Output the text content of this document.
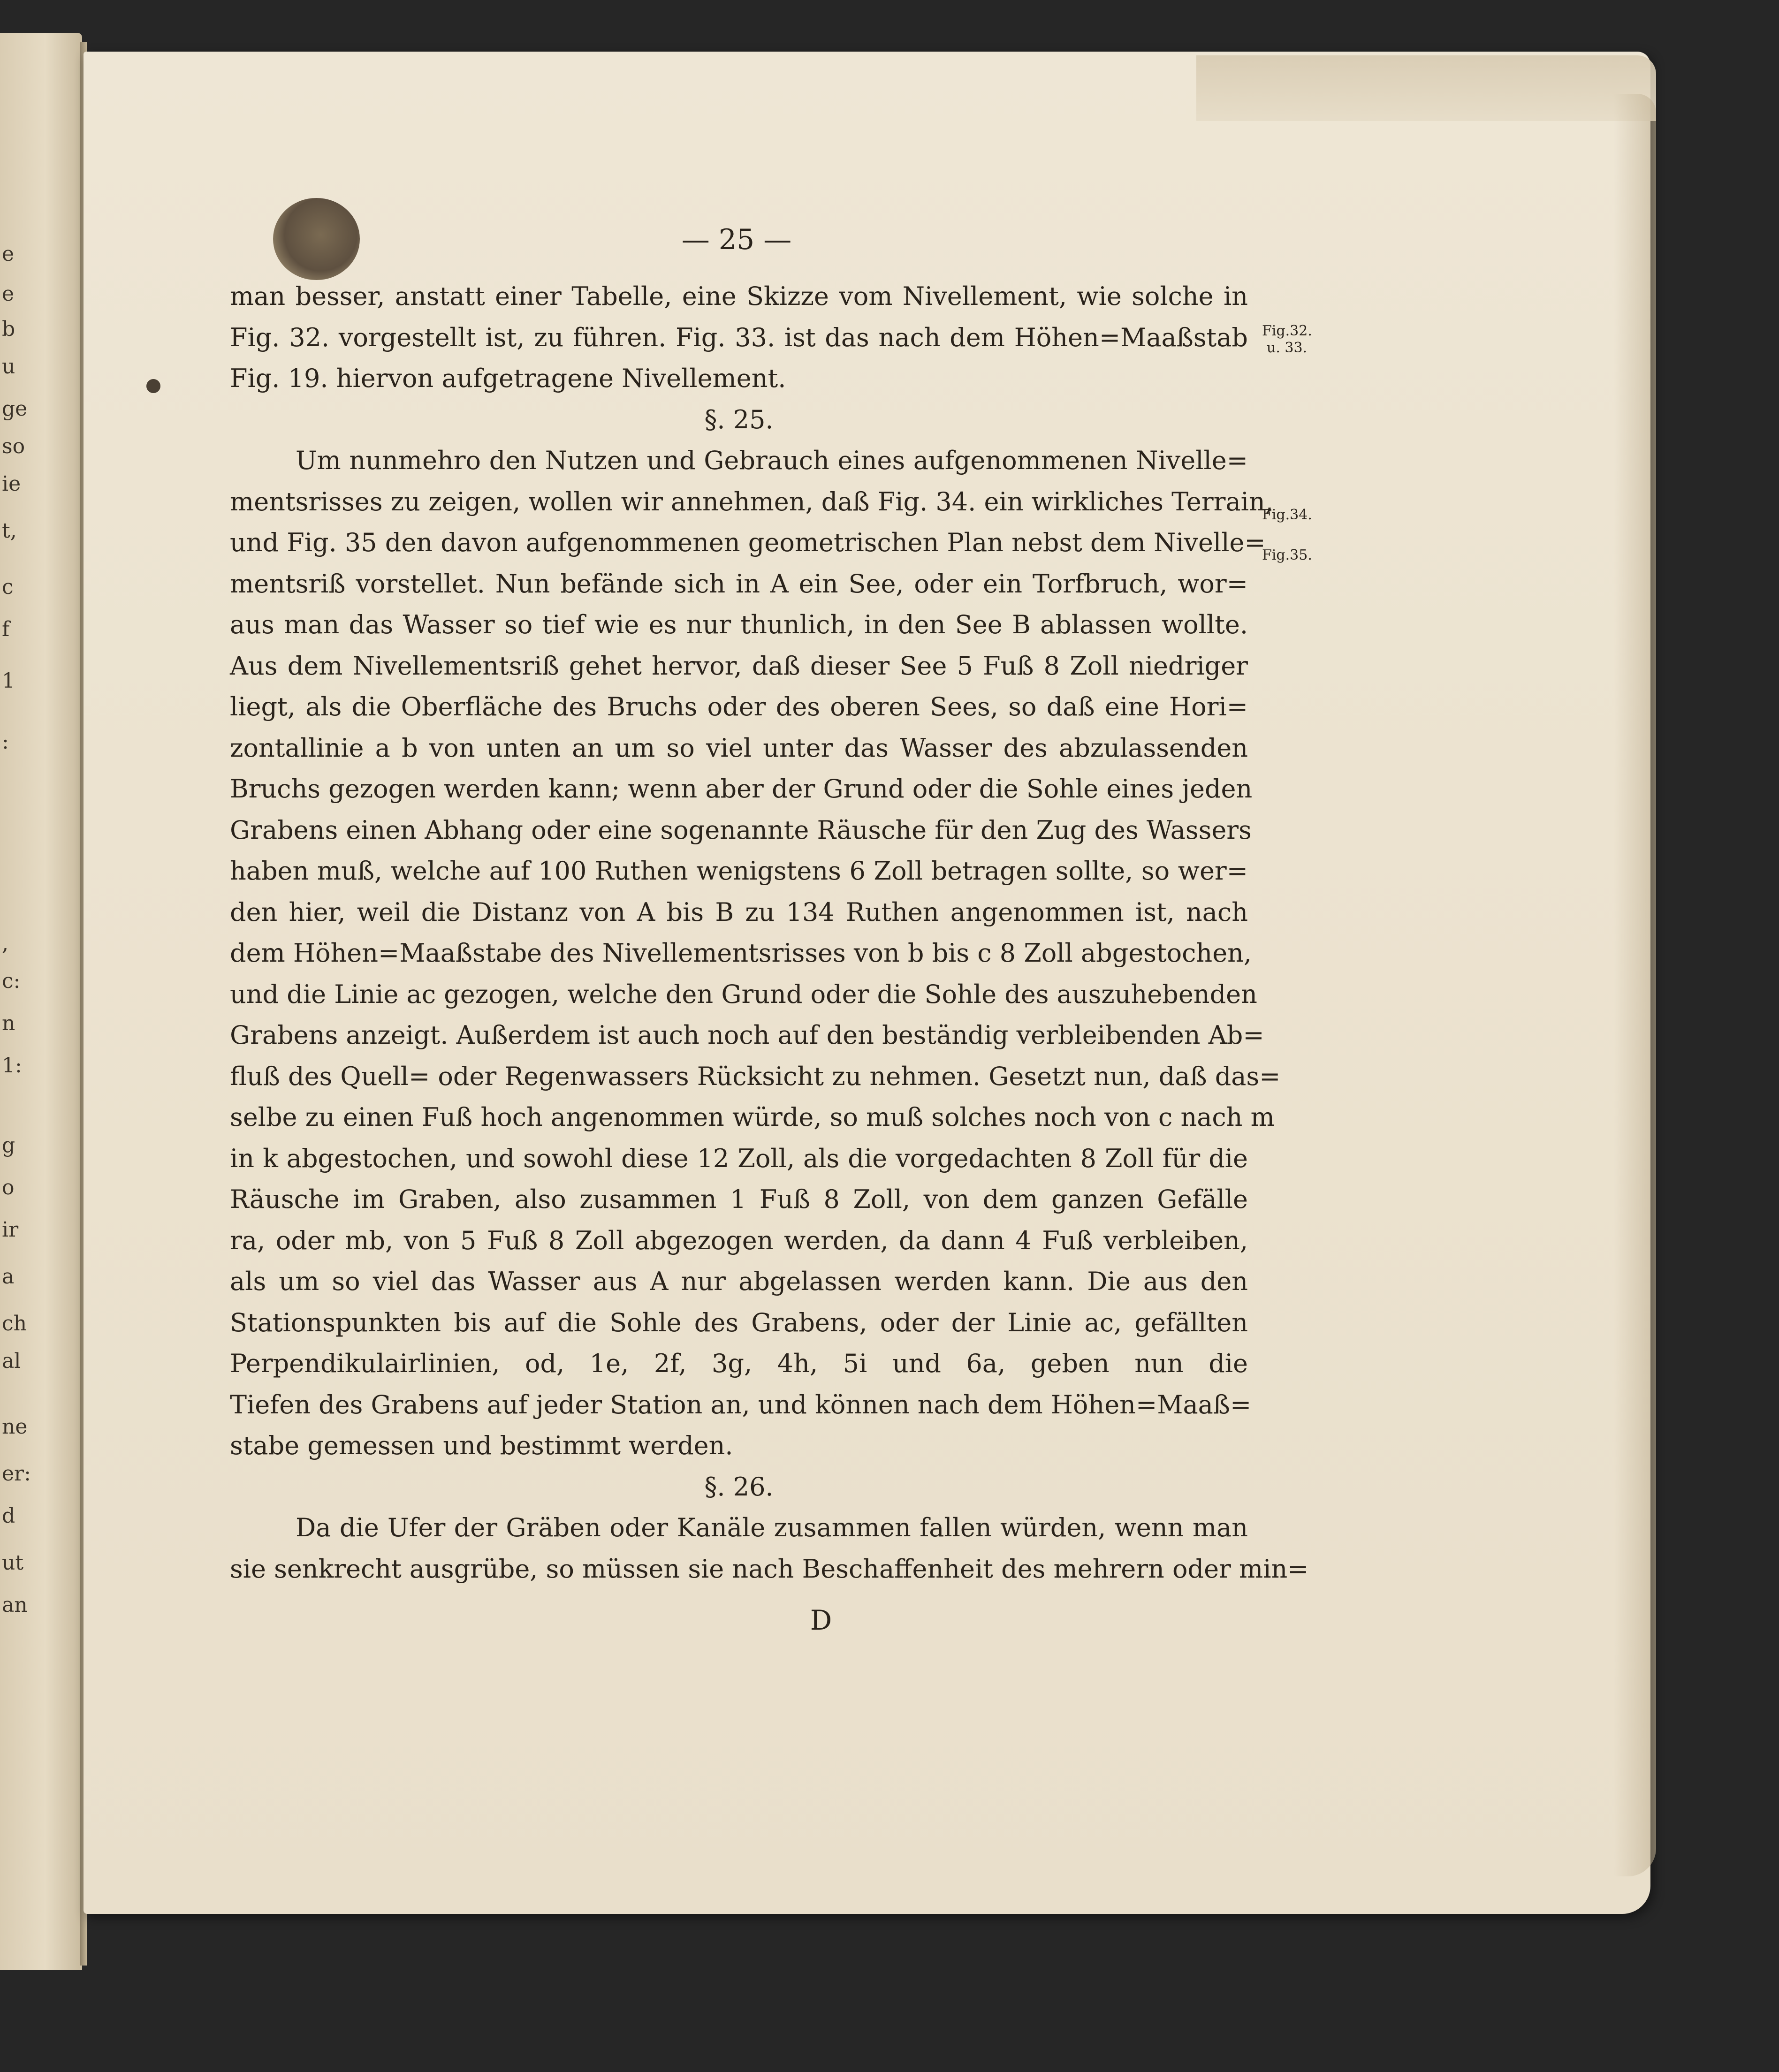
e
e
b
u
ge
so
ie
t,
c
f
1
:
,
c:
n
1:
g
o
ir
a
ch
al
ne
er:
d
ut
an
— 25 —
man besser, anstatt einer Tabelle, eine Skizze vom Nivellement, wie solche in
Fig. 32. vorgestellt ist, zu führen. Fig. 33. ist das nach dem Höhen=Maaßstab
Fig. 19. hiervon aufgetragene Nivellement.
§. 25.
Um nunmehro den Nutzen und Gebrauch eines aufgenommenen Nivelle=
mentsrisses zu zeigen, wollen wir annehmen, daß Fig. 34. ein wirkliches Terrain,
und Fig. 35 den davon aufgenommenen geometrischen Plan nebst dem Nivelle=
mentsriß vorstellet. Nun befände sich in A ein See, oder ein Torfbruch, wor=
aus man das Wasser so tief wie es nur thunlich, in den See B ablassen wollte.
Aus dem Nivellementsriß gehet hervor, daß dieser See 5 Fuß 8 Zoll niedriger
liegt, als die Oberfläche des Bruchs oder des oberen Sees, so daß eine Hori=
zontallinie a b von unten an um so viel unter das Wasser des abzulassenden
Bruchs gezogen werden kann; wenn aber der Grund oder die Sohle eines jeden
Grabens einen Abhang oder eine sogenannte Räusche für den Zug des Wassers
haben muß, welche auf 100 Ruthen wenigstens 6 Zoll betragen sollte, so wer=
den hier, weil die Distanz von A bis B zu 134 Ruthen angenommen ist, nach
dem Höhen=Maaßstabe des Nivellementsrisses von b bis c 8 Zoll abgestochen,
und die Linie ac gezogen, welche den Grund oder die Sohle des auszuhebenden
Grabens anzeigt. Außerdem ist auch noch auf den beständig verbleibenden Ab=
fluß des Quell= oder Regenwassers Rücksicht zu nehmen. Gesetzt nun, daß das=
selbe zu einen Fuß hoch angenommen würde, so muß solches noch von c nach m
in k abgestochen, und sowohl diese 12 Zoll, als die vorgedachten 8 Zoll für die
Räusche im Graben, also zusammen 1 Fuß 8 Zoll, von dem ganzen Gefälle
ra, oder mb, von 5 Fuß 8 Zoll abgezogen werden, da dann 4 Fuß verbleiben,
als um so viel das Wasser aus A nur abgelassen werden kann. Die aus den
Stationspunkten bis auf die Sohle des Grabens, oder der Linie ac, gefällten
Perpendikulairlinien, od, 1e, 2f, 3g, 4h, 5i und 6a, geben nun die
Tiefen des Grabens auf jeder Station an, und können nach dem Höhen=Maaß=
stabe gemessen und bestimmt werden.
§. 26.
Da die Ufer der Gräben oder Kanäle zusammen fallen würden, wenn man
sie senkrecht ausgrübe, so müssen sie nach Beschaffenheit des mehrern oder min=
D
Fig.32.
u. 33.
Fig.34.
Fig.35.
